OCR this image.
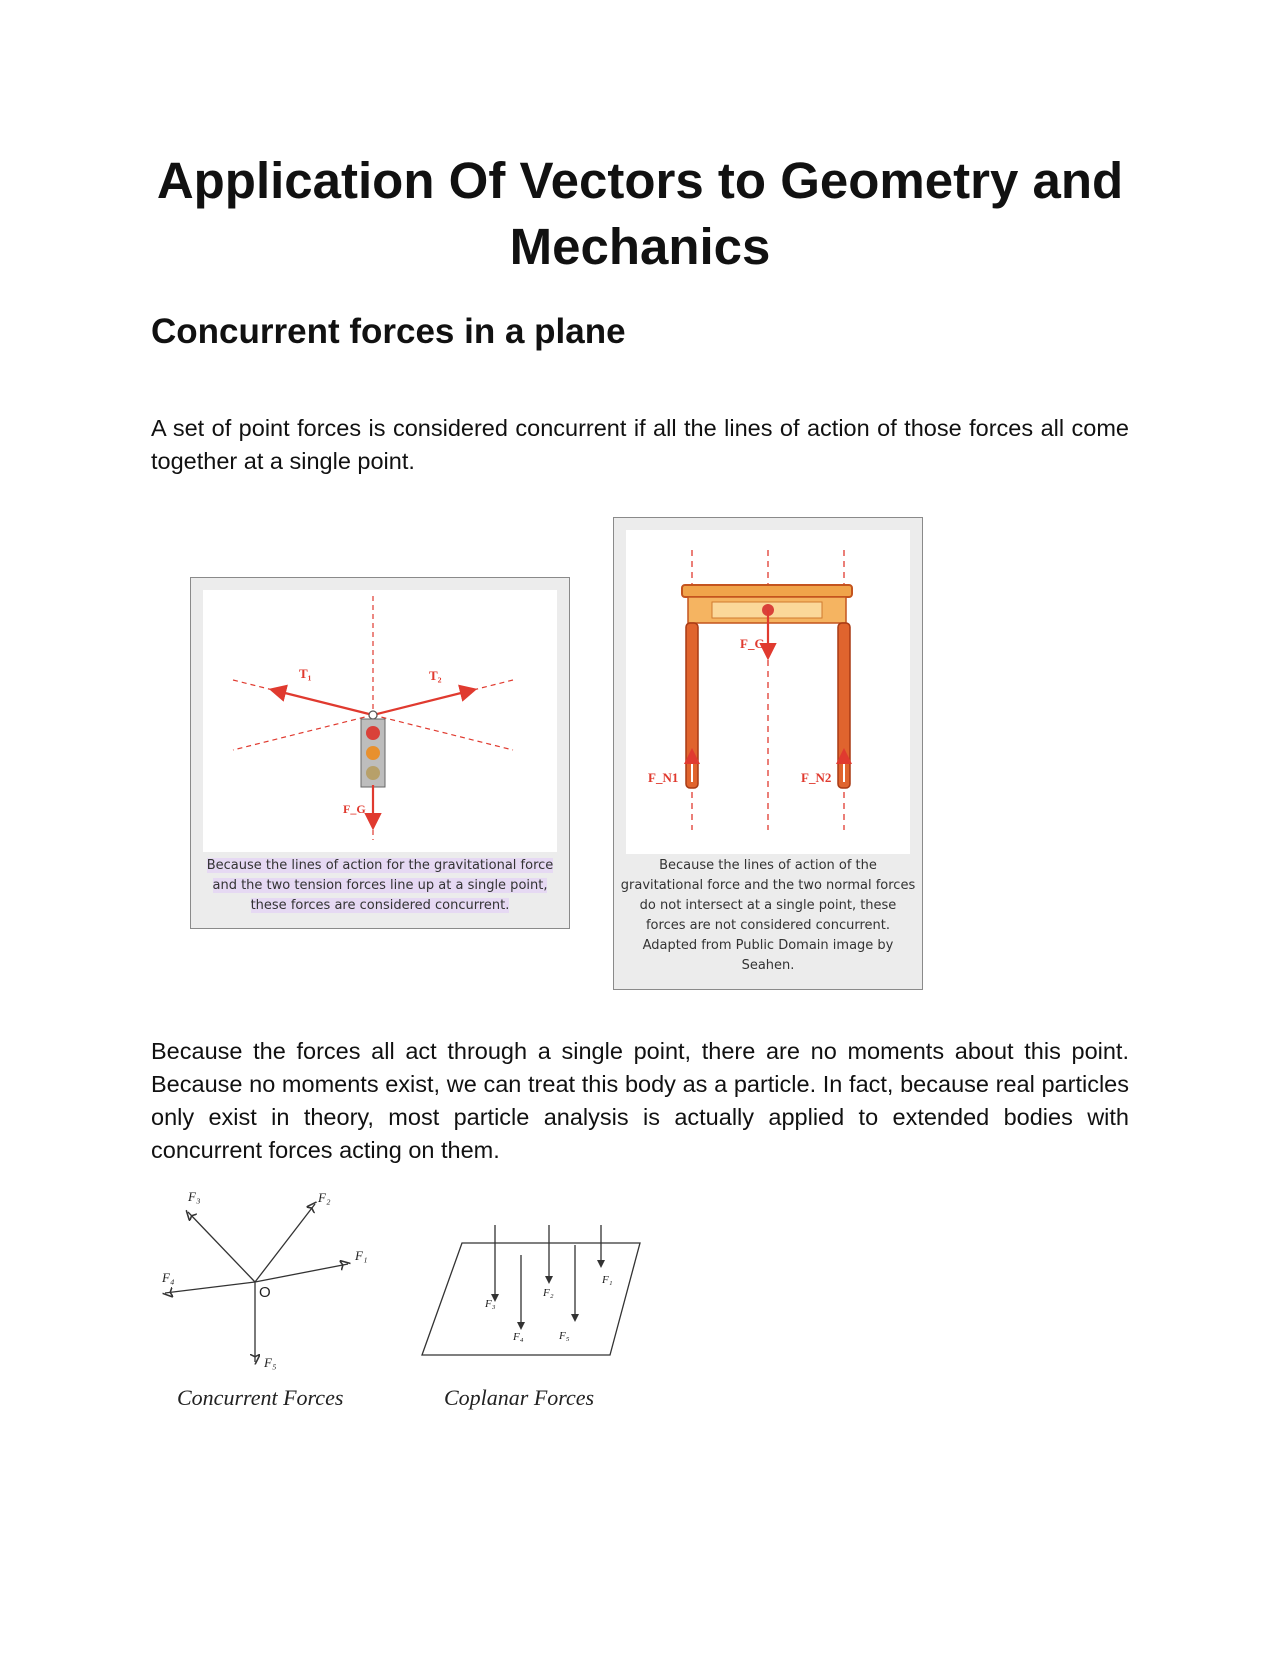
Application Of Vectors to Geometry and Mechanics
Concurrent forces in a plane

A set of point forces is considered concurrent if all the lines of action of those forces all come together at a single point.

T₁	T₂
F_G
Because the lines of action for the gravitational force
and the two tension forces line up at a single point,
these forces are considered concurrent.
F_G
F_N1	F_N2
Because the lines of action of the
gravitational force and the two normal forces
do not intersect at a single point, these
forces are not considered concurrent.
Adapted from Public Domain image by
Seahen.

Because the forces all act through a single point, there are no moments about this point. Because no moments exist, we can treat this body as a particle. In fact, because real particles only exist in theory, most particle analysis is actually applied to extended bodies with concurrent forces acting on them.

F₁
F₂
F₃
F₄
F₅
O
Concurrent Forces
F₁
F₂
F₃
F₄	F₅
Coplanar Forces
